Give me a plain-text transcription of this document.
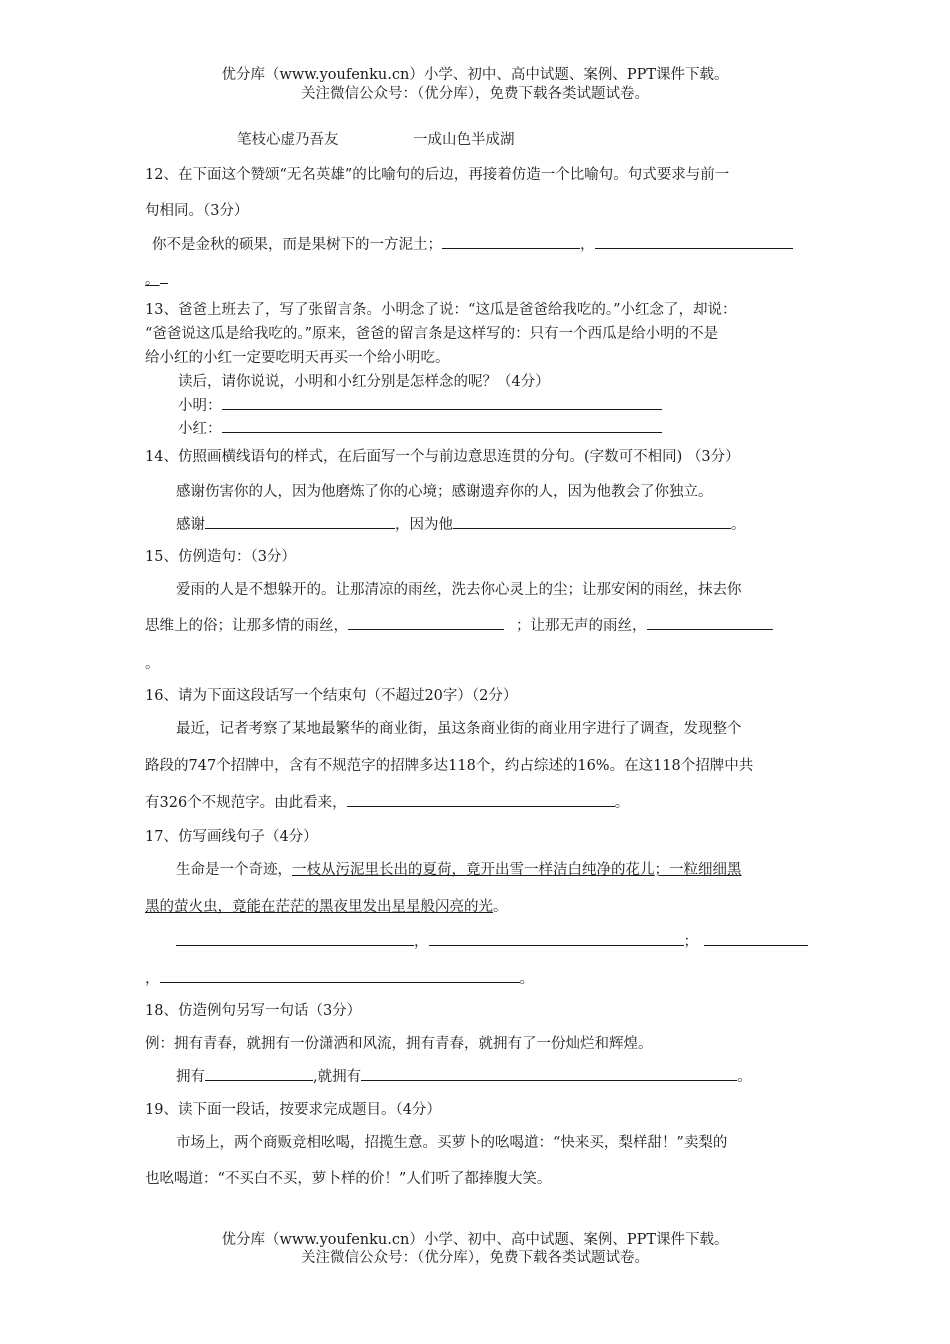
优分库（www.youfenku.cn）小学、初中、高中试题、案例、PPT课件下载。
关注微信公众号：（优分库），免费下载各类试题试卷。
笔枝心虚乃吾友	一成山色半成湖
12、在下面这个赞颂“无名英雄”的比喻句的后边，再接着仿造一个比喻句。句式要求与前一
句相同。（3分）
你不是金秋的硕果，而是果树下的一方泥土；	，
。
13、爸爸上班去了，写了张留言条。小明念了说：“这瓜是爸爸给我吃的。”小红念了，却说：
“爸爸说这瓜是给我吃的。”原来，爸爸的留言条是这样写的：只有一个西瓜是给小明的不是
给小红的小红一定要吃明天再买一个给小明吃。
读后，请你说说，小明和小红分别是怎样念的呢？（4分）
小明：
小红：
14、仿照画横线语句的样式，在后面写一个与前边意思连贯的分句。(字数可不相同) （3分）
感谢伤害你的人，因为他磨炼了你的心境；感谢遗弃你的人，因为他教会了你独立。
感谢	，因为他	。
15、仿例造句：（3分）
爱雨的人是不想躲开的。让那清凉的雨丝，洗去你心灵上的尘；让那安闲的雨丝，抹去你
思维上的俗；让那多情的雨丝，	；让那无声的雨丝，
。
16、请为下面这段话写一个结束句（不超过20字）（2分）
最近，记者考察了某地最繁华的商业街，虽这条商业街的商业用字进行了调查，发现整个
路段的747个招牌中，含有不规范字的招牌多达118个，约占综述的16%。在这118个招牌中共
有326个不规范字。由此看来，	。
17、仿写画线句子（4分）
生命是一个奇迹，一枝从污泥里长出的夏荷，竟开出雪一样洁白纯净的花儿；一粒细细黑
黑的萤火虫，竟能在茫茫的黑夜里发出星星般闪亮的光。
，	；
，	。
18、仿造例句另写一句话（3分）
例：拥有青春，就拥有一份潇洒和风流，拥有青春，就拥有了一份灿烂和辉煌。
拥有	,就拥有	。
19、读下面一段话，按要求完成题目。（4分）
市场上，两个商贩竞相吆喝，招揽生意。买萝卜的吆喝道：“快来买，梨样甜！”卖梨的
也吆喝道：“不买白不买，萝卜样的价！”人们听了都捧腹大笑。
优分库（www.youfenku.cn）小学、初中、高中试题、案例、PPT课件下载。
关注微信公众号：（优分库），免费下载各类试题试卷。
